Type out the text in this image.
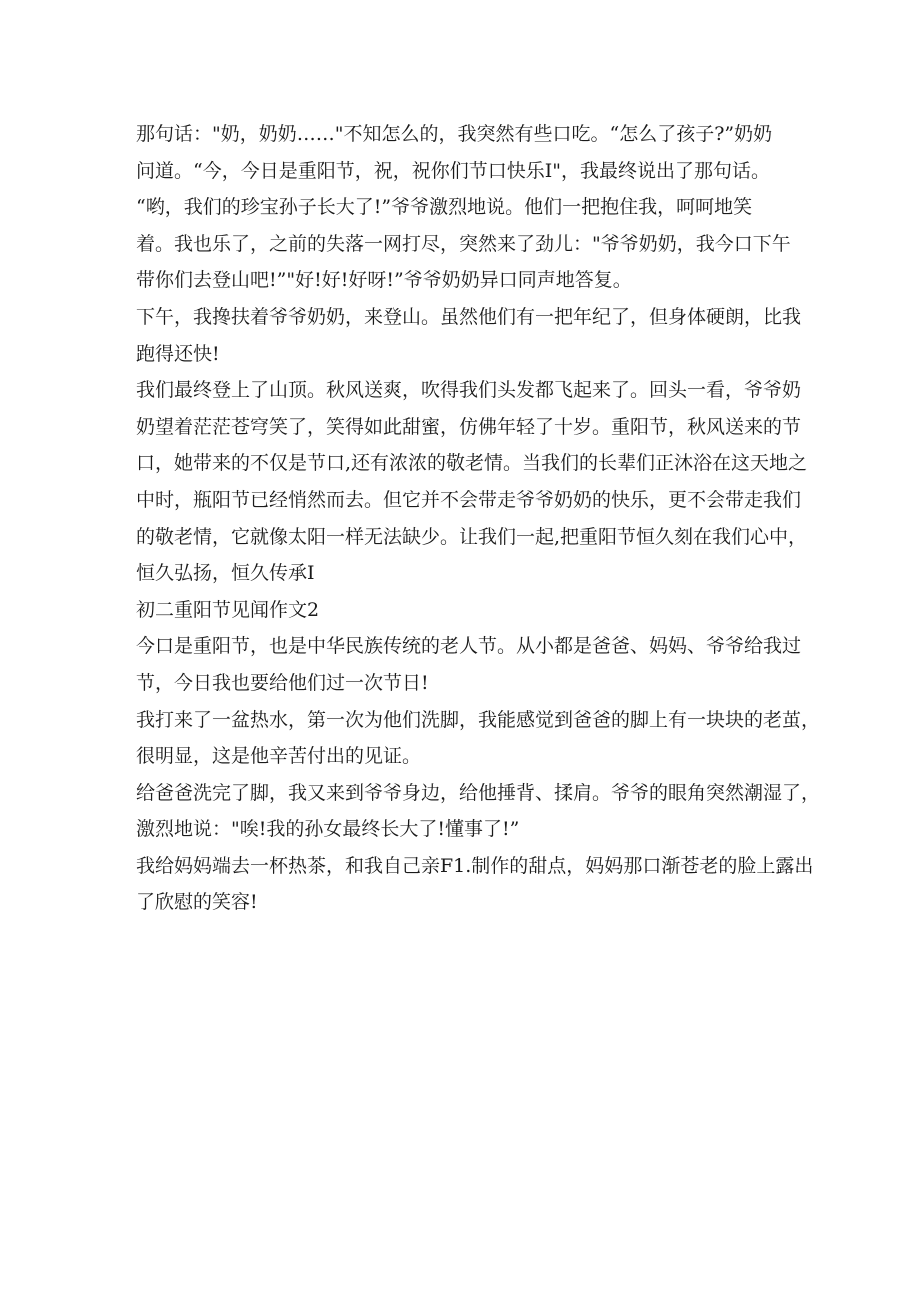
那句话："奶，奶奶……"不知怎么的，我突然有些口吃。“怎么了孩子?”奶奶
问道。“今，今日是重阳节，祝，祝你们节口快乐I"，我最终说出了那句话。
“哟，我们的珍宝孙子长大了!”爷爷激烈地说。他们一把抱住我，呵呵地笑
着。我也乐了，之前的失落一网打尽，突然来了劲儿："爷爷奶奶，我今口下午
带你们去登山吧!”"好!好!好呀!”爷爷奶奶异口同声地答复。
下午，我搀扶着爷爷奶奶，来登山。虽然他们有一把年纪了，但身体硬朗，比我
跑得还快!
我们最终登上了山顶。秋风送爽，吹得我们头发都飞起来了。回头一看，爷爷奶
奶望着茫茫苍穹笑了，笑得如此甜蜜，仿佛年轻了十岁。重阳节，秋风送来的节
口，她带来的不仅是节口,还有浓浓的敬老情。当我们的长辈们正沐浴在这天地之
中时，瓶阳节已经悄然而去。但它并不会带走爷爷奶奶的快乐，更不会带走我们
的敬老情，它就像太阳一样无法缺少。让我们一起,把重阳节恒久刻在我们心中，
恒久弘扬，恒久传承I
初二重阳节见闻作文2
今口是重阳节，也是中华民族传统的老人节。从小都是爸爸、妈妈、爷爷给我过
节，今日我也要给他们过一次节日!
我打来了一盆热水，第一次为他们洗脚，我能感觉到爸爸的脚上有一块块的老茧，
很明显，这是他辛苦付出的见证。
给爸爸洗完了脚，我又来到爷爷身边，给他捶背、揉肩。爷爷的眼角突然潮湿了，
激烈地说："唉!我的孙女最终长大了!懂事了!”
我给妈妈端去一杯热茶，和我自己亲F1.制作的甜点，妈妈那口渐苍老的脸上露出
了欣慰的笑容!
